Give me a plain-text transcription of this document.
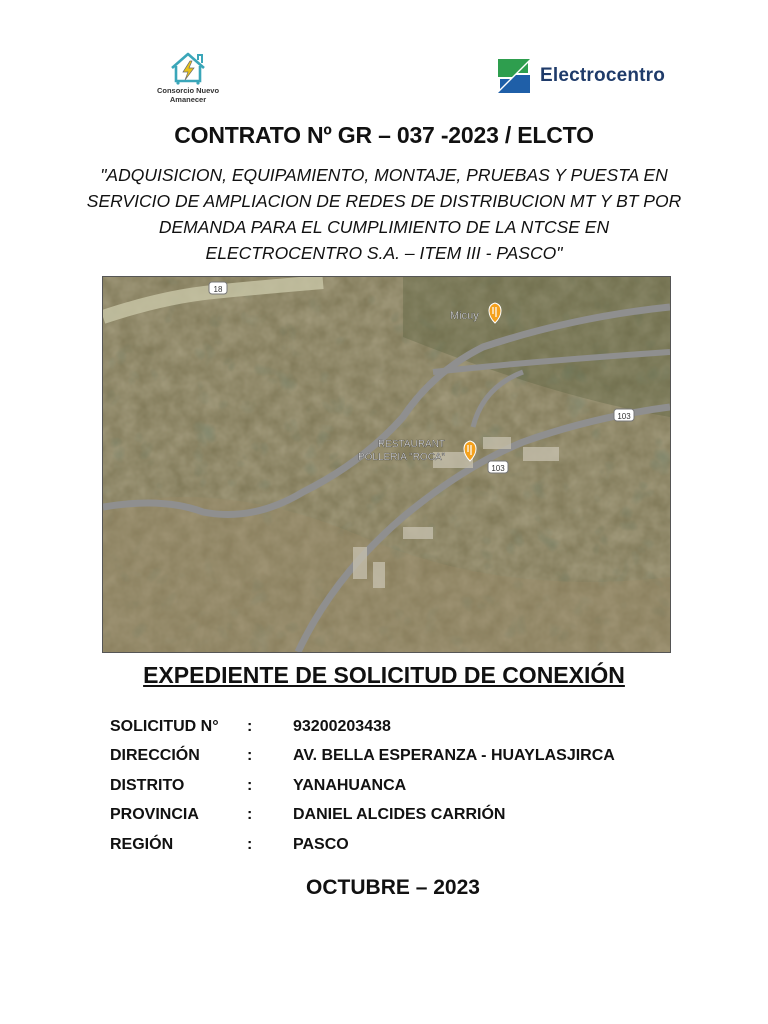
Consorcio Nuevo
Amanecer
Electrocentro
CONTRATO Nº GR – 037 -2023 / ELCTO
"ADQUISICION, EQUIPAMIENTO, MONTAJE, PRUEBAS Y PUESTA EN SERVICIO DE AMPLIACION DE REDES DE DISTRIBUCION MT Y BT POR DEMANDA PARA EL CUMPLIMIENTO DE LA NTCSE EN ELECTROCENTRO S.A. – ITEM III - PASCO"
18
103
103
Micuy
RESTAURANT
POLLERIA "ROCA"
EXPEDIENTE DE SOLICITUD DE CONEXIÓN
SOLICITUD N°	:	93200203438
DIRECCIÓN	:	AV. BELLA ESPERANZA - HUAYLASJIRCA
DISTRITO	:	YANAHUANCA
PROVINCIA	:	DANIEL ALCIDES CARRIÓN
REGIÓN	:	PASCO
OCTUBRE – 2023
